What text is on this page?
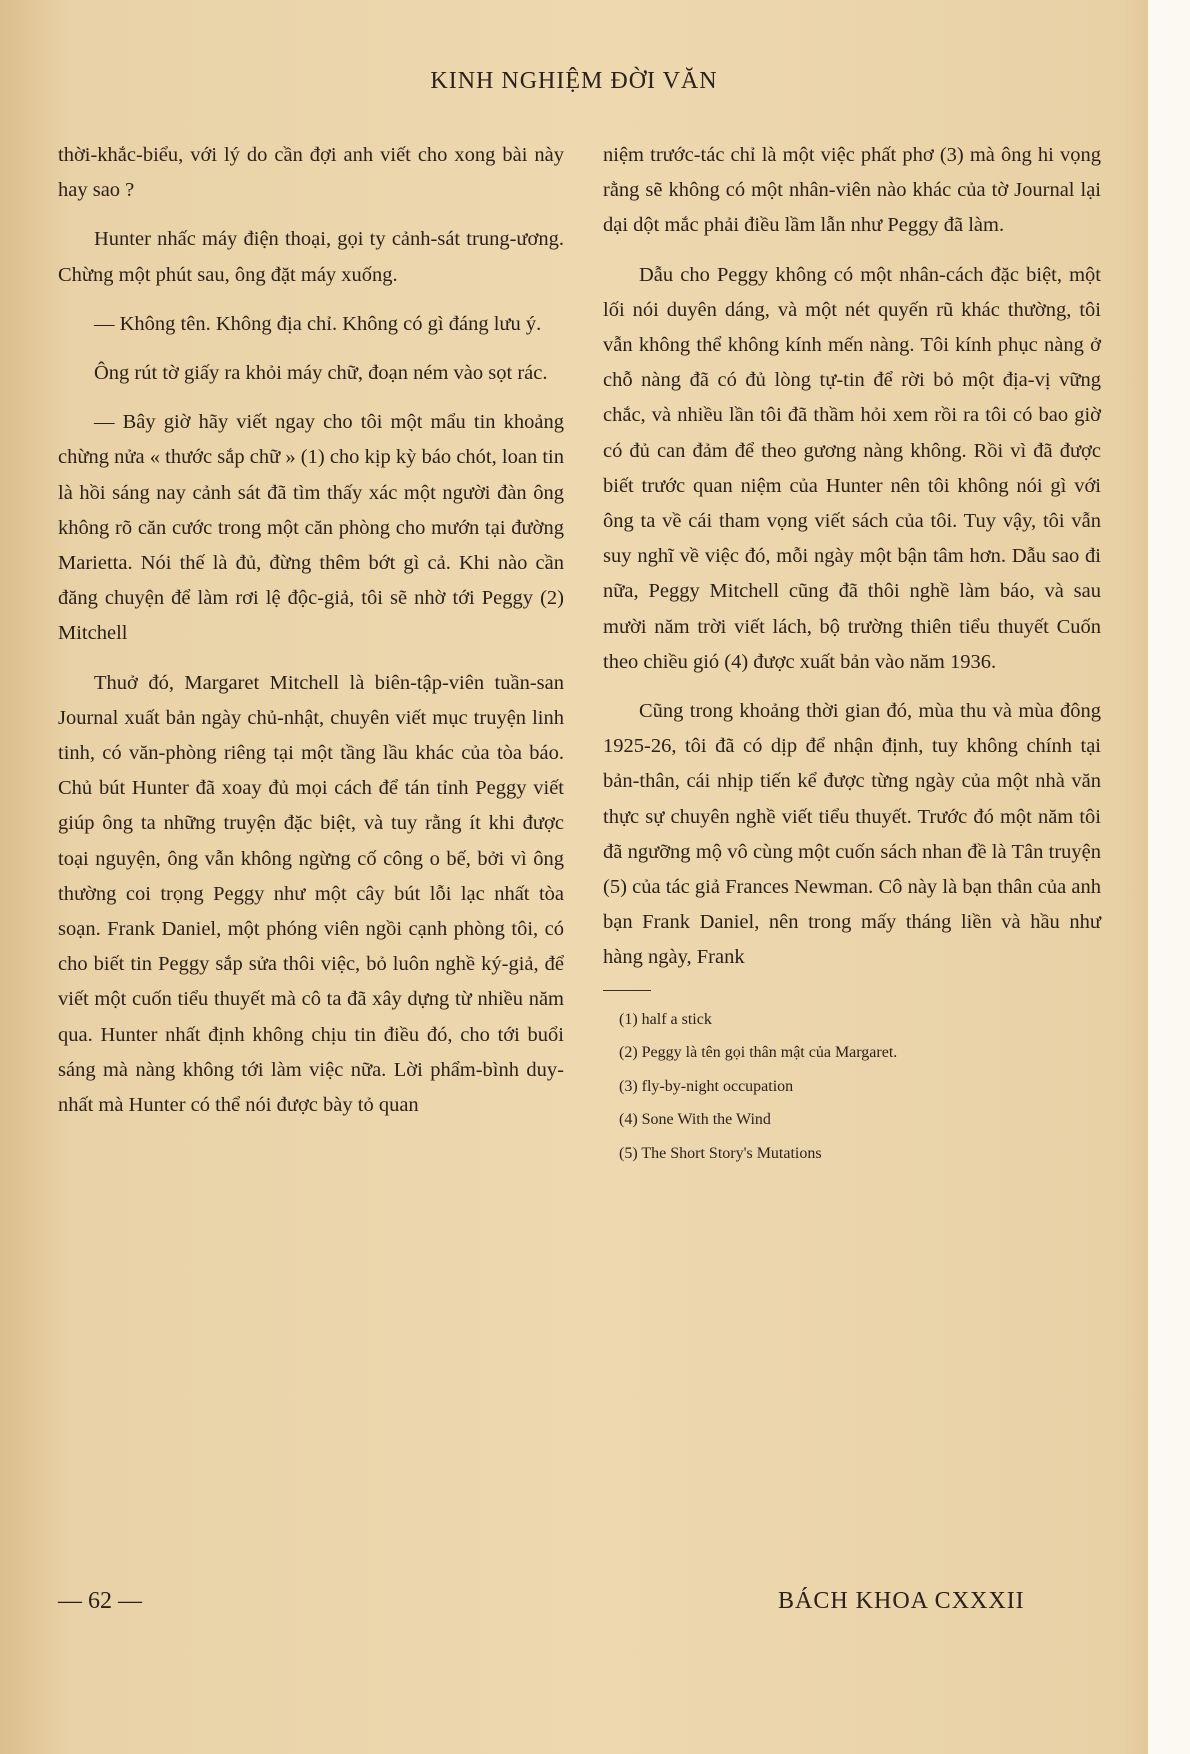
KINH NGHIỆM ĐỜI VĂN

thời-khắc-biểu, với lý do cần đợi anh viết cho xong bài này hay sao ?

Hunter nhấc máy điện thoại, gọi ty cảnh-sát trung-ương. Chừng một phút sau, ông đặt máy xuống.

— Không tên. Không địa chỉ. Không có gì đáng lưu ý.

Ông rút tờ giấy ra khỏi máy chữ, đoạn ném vào sọt rác.

— Bây giờ hãy viết ngay cho tôi một mẩu tin khoảng chừng nửa « thước sắp chữ » (1) cho kịp kỳ báo chót, loan tin là hồi sáng nay cảnh sát đã tìm thấy xác một người đàn ông không rõ căn cước trong một căn phòng cho mướn tại đường Marietta. Nói thế là đủ, đừng thêm bớt gì cả. Khi nào cần đăng chuyện để làm rơi lệ độc-giả, tôi sẽ nhờ tới Peggy (2) Mitchell

Thuở đó, Margaret Mitchell là biên-tập-viên tuần-san Journal xuất bản ngày chủ-nhật, chuyên viết mục truyện linh tinh, có văn-phòng riêng tại một tầng lầu khác của tòa báo. Chủ bút Hunter đã xoay đủ mọi cách để tán tỉnh Peggy viết giúp ông ta những truyện đặc biệt, và tuy rằng ít khi được toại nguyện, ông vẫn không ngừng cố công o bế, bởi vì ông thường coi trọng Peggy như một cây bút lỗi lạc nhất tòa soạn. Frank Daniel, một phóng viên ngồi cạnh phòng tôi, có cho biết tin Peggy sắp sửa thôi việc, bỏ luôn nghề ký-giả, để viết một cuốn tiểu thuyết mà cô ta đã xây dựng từ nhiều năm qua. Hunter nhất định không chịu tin điều đó, cho tới buổi sáng mà nàng không tới làm việc nữa. Lời phẩm-bình duy-nhất mà Hunter có thể nói được bày tỏ quan

niệm trước-tác chỉ là một việc phất phơ (3) mà ông hi vọng rằng sẽ không có một nhân-viên nào khác của tờ Journal lại dại dột mắc phải điều lầm lẫn như Peggy đã làm.

Dẫu cho Peggy không có một nhân-cách đặc biệt, một lối nói duyên dáng, và một nét quyến rũ khác thường, tôi vẫn không thể không kính mến nàng. Tôi kính phục nàng ở chỗ nàng đã có đủ lòng tự-tin để rời bỏ một địa-vị vững chắc, và nhiều lần tôi đã thầm hỏi xem rồi ra tôi có bao giờ có đủ can đảm để theo gương nàng không. Rồi vì đã được biết trước quan niệm của Hunter nên tôi không nói gì với ông ta về cái tham vọng viết sách của tôi. Tuy vậy, tôi vẫn suy nghĩ về việc đó, mỗi ngày một bận tâm hơn. Dẫu sao đi nữa, Peggy Mitchell cũng đã thôi nghề làm báo, và sau mười năm trời viết lách, bộ trường thiên tiểu thuyết Cuốn theo chiều gió (4) được xuất bản vào năm 1936.

Cũng trong khoảng thời gian đó, mùa thu và mùa đông 1925-26, tôi đã có dịp để nhận định, tuy không chính tại bản-thân, cái nhịp tiến kể được từng ngày của một nhà văn thực sự chuyên nghề viết tiểu thuyết. Trước đó một năm tôi đã ngưỡng mộ vô cùng một cuốn sách nhan đề là Tân truyện (5) của tác giả Frances Newman. Cô này là bạn thân của anh bạn Frank Daniel, nên trong mấy tháng liền và hầu như hàng ngày, Frank

(1) half a stick
(2) Peggy là tên gọi thân mật của Margaret.
(3) fly-by-night occupation
(4) Sone With the Wind
(5) The Short Story's Mutations
— 62 —	BÁCH KHOA CXXXII
